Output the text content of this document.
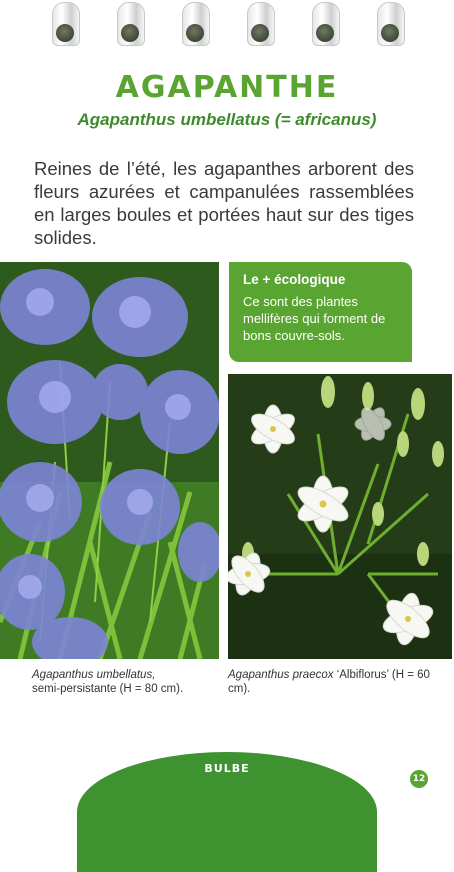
AGAPANTHE
Agapanthus umbellatus (= africanus)
Reines de l’été, les agapanthes arborent des fleurs azurées et campanulées rassemblées en larges boules et portées haut sur des tiges solides.
Le + écologique
Ce sont des plantes mellifères qui forment de bons couvre-sols.
Agapanthus umbellatus,
semi-persistante (H = 80 cm).
Agapanthus praecox ‘Albiflorus’ (H = 60 cm).
BULBE
12
